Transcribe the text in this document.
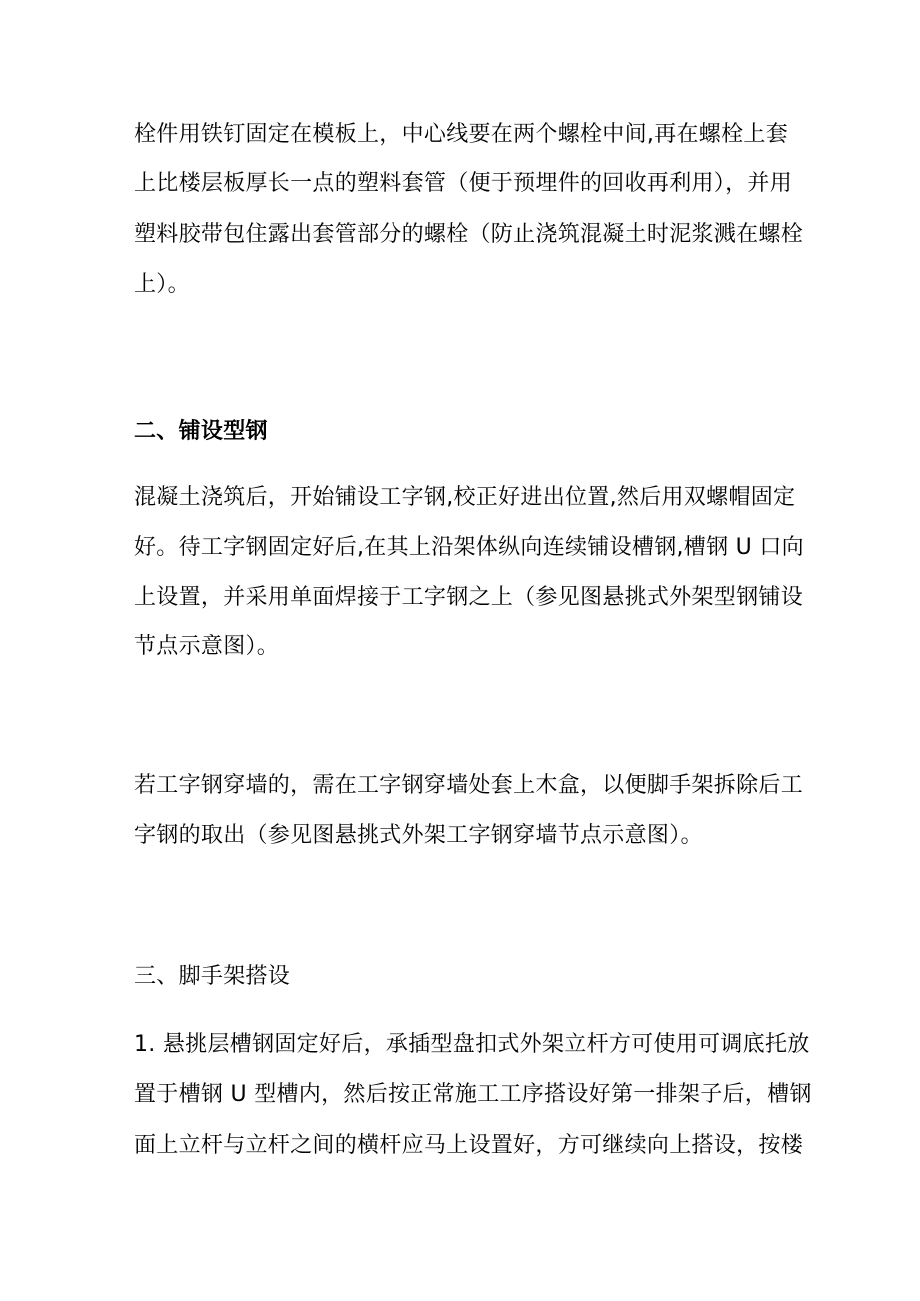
栓件用铁钉固定在模板上，中心线要在两个螺栓中间,再在螺栓上套
上比楼层板厚长一点的塑料套管（便于预埋件的回收再利用），并用
塑料胶带包住露出套管部分的螺栓（防止浇筑混凝土时泥浆溅在螺栓
上）。
二、铺设型钢
混凝土浇筑后，开始铺设工字钢,校正好进出位置,然后用双螺帽固定
好。待工字钢固定好后,在其上沿架体纵向连续铺设槽钢,槽钢 U 口向
上设置，并采用单面焊接于工字钢之上（参见图悬挑式外架型钢铺设
节点示意图）。
若工字钢穿墙的，需在工字钢穿墙处套上木盒，以便脚手架拆除后工
字钢的取出（参见图悬挑式外架工字钢穿墙节点示意图）。
三、脚手架搭设
1. 悬挑层槽钢固定好后，承插型盘扣式外架立杆方可使用可调底托放
置于槽钢 U 型槽内，然后按正常施工工序搭设好第一排架子后，槽钢
面上立杆与立杆之间的横杆应马上设置好，方可继续向上搭设，按楼
